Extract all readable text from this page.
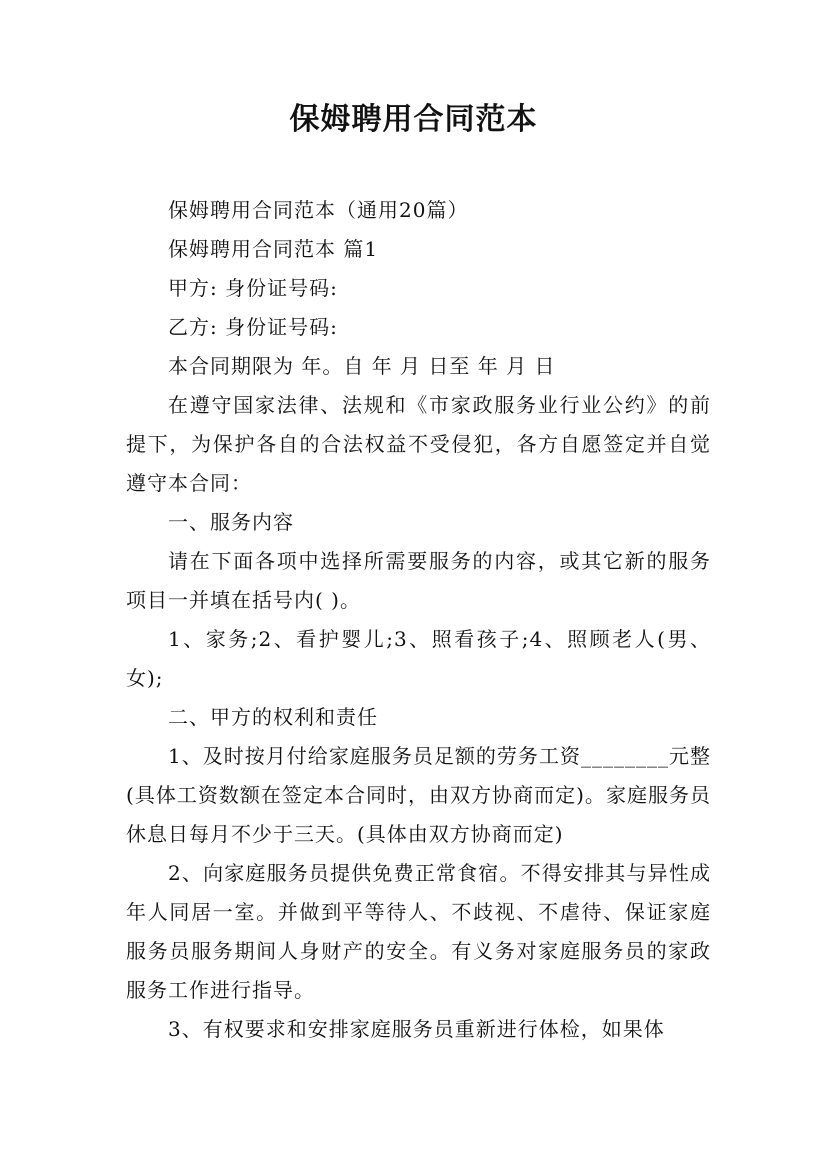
保姆聘用合同范本

保姆聘用合同范本（通用20篇）

保姆聘用合同范本 篇1

甲方: 身份证号码:

乙方: 身份证号码:

本合同期限为 年。自 年 月 日至 年 月 日

在遵守国家法律、法规和《市家政服务业行业公约》的前提下，为保护各自的合法权益不受侵犯，各方自愿签定并自觉遵守本合同：

一、服务内容

请在下面各项中选择所需要服务的内容，或其它新的服务项目一并填在括号内( )。

1、家务;2、看护婴儿;3、照看孩子;4、照顾老人(男、女);

二、甲方的权利和责任

1、及时按月付给家庭服务员足额的劳务工资________元整(具体工资数额在签定本合同时，由双方协商而定)。家庭服务员休息日每月不少于三天。(具体由双方协商而定)

2、向家庭服务员提供免费正常食宿。不得安排其与异性成年人同居一室。并做到平等待人、不歧视、不虐待、保证家庭服务员服务期间人身财产的安全。有义务对家庭服务员的家政服务工作进行指导。

3、有权要求和安排家庭服务员重新进行体检，如果体
